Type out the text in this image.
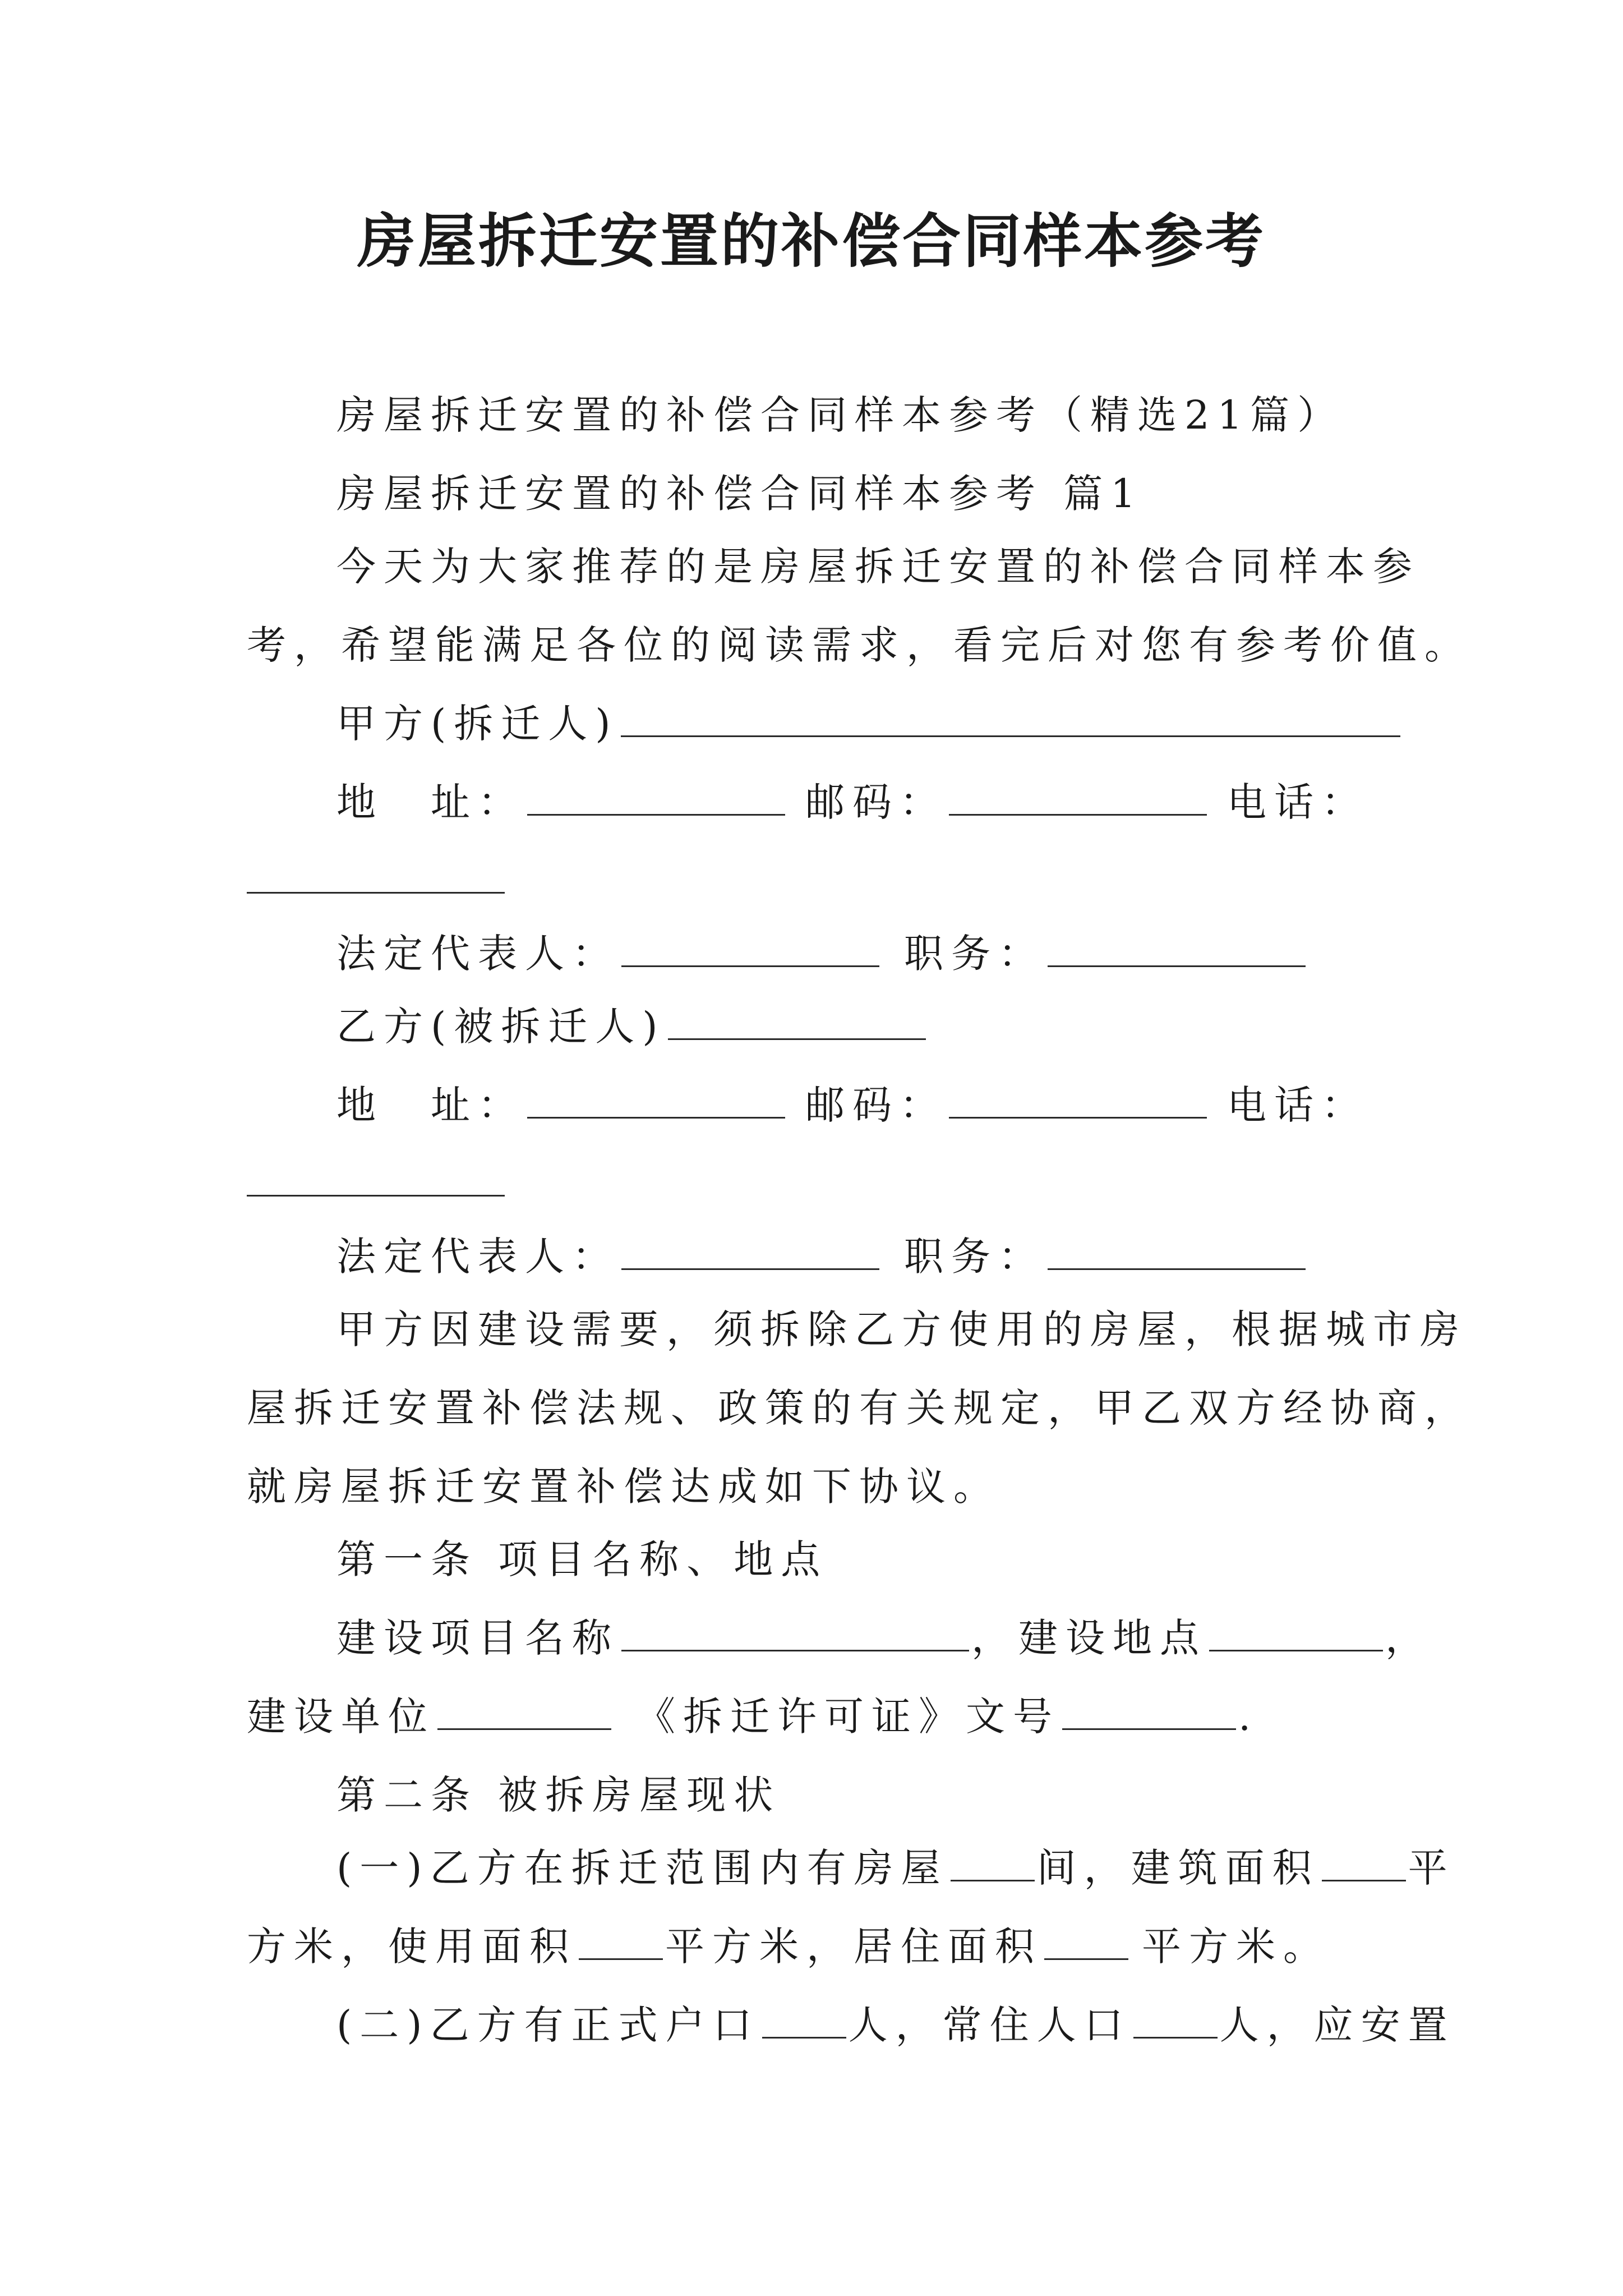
房屋拆迁安置的补偿合同样本参考
房屋拆迁安置的补偿合同样本参考（精选21篇）
房屋拆迁安置的补偿合同样本参考 篇1
今天为大家推荐的是房屋拆迁安置的补偿合同样本参
考，希望能满足各位的阅读需求，看完后对您有参考价值。
甲方(拆迁人)
地　址：	邮码：	电话：
法定代表人：	职务：
乙方(被拆迁人)
地　址：	邮码：	电话：
法定代表人：	职务：
甲方因建设需要，须拆除乙方使用的房屋，根据城市房
屋拆迁安置补偿法规、政策的有关规定，甲乙双方经协商，
就房屋拆迁安置补偿达成如下协议。
第一条 项目名称、地点
建设项目名称	，建设地点	，
建设单位	《拆迁许可证》文号	.
第二条 被拆房屋现状
(一)乙方在拆迁范围内有房屋 间，建筑面积 平
方米，使用面积 平方米，居住面积	平方米。
(二)乙方有正式户口 人，常住人口 人，应安置
